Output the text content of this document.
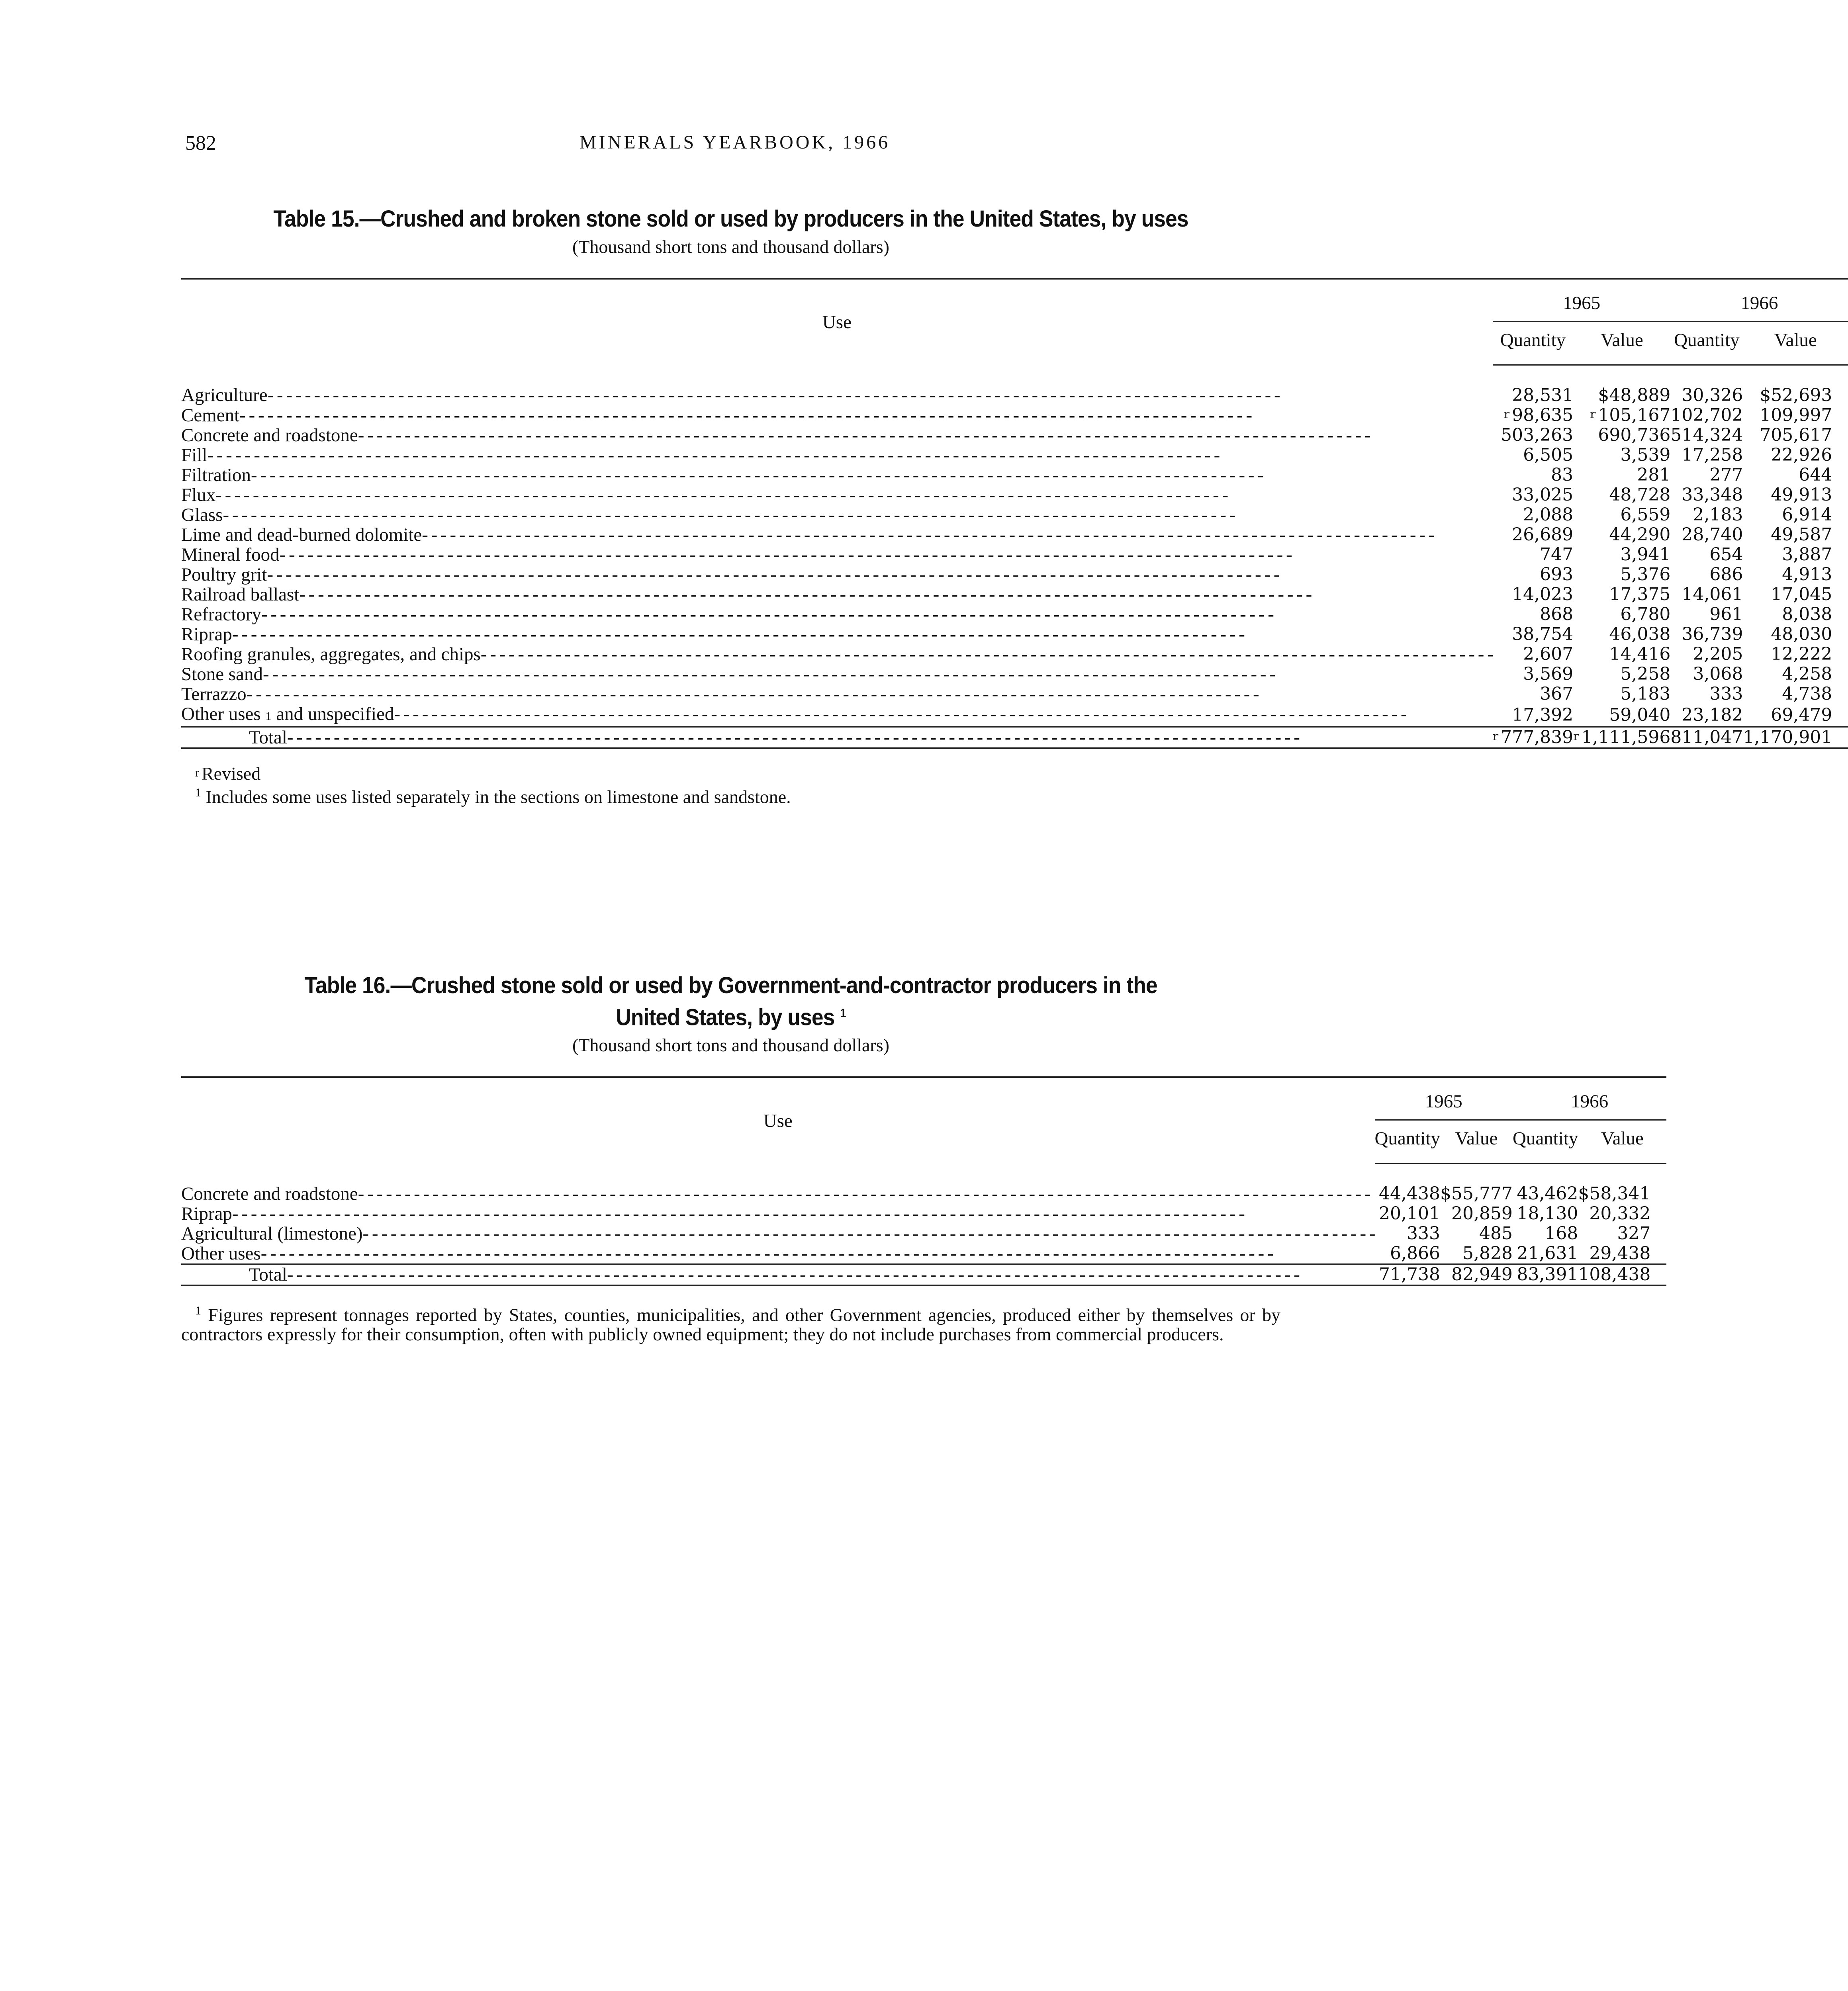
582	MINERALS YEARBOOK, 1966
Table 15.—Crushed and broken stone sold or used by producers in the United States, by uses
(Thousand short tons and thousand dollars)
Use	1965		1966	
	Quantity	Value	Quantity	Value

Agriculture
- - -	28,531	$48,889	30,326	$52,693

Cement
- - -	$^r$ 98,635	$^r$ 105,167	102,702	109,997

Concrete and roadstone
- - -	503,263	690,736	514,324	705,617

Fill
- - -	6,505	3,539	17,258	22,926

Filtration
- - -	83	281	277	644

Flux
- - -	33,025	48,728	33,348	49,913

Glass
- - -	2,088	6,559	2,183	6,914

Lime and dead-burned dolomite
- - -	26,689	44,290	28,740	49,587

Mineral food
- - -	747	3,941	654	3,887

Poultry grit
- - -	693	5,376	686	4,913

Railroad ballast
- - -	14,023	17,375	14,061	17,045

Refractory
- - -	868	6,780	961	8,038

Riprap
- - -	38,754	46,038	36,739	48,030

Roofing granules, aggregates, and chips
- - -	2,607	14,416	2,205	12,222

Stone sand
- - -	3,569	5,258	3,068	4,258

Terrazzo
- - -	367	5,183	333	4,738

Other uses
1
and unspecified
- - -	17,392	59,040	23,182	69,479

Total
- - -	$^r$ 777,839	$^r$ 1,111,596	811,047	1,170,901

$^r$ Revised

$^1$ Includes some uses listed separately in the sections on limestone and sandstone.

Table 16.—Crushed stone sold or used by Government-and-contractor producers in the
United States, by uses $^1$
(Thousand short tons and thousand dollars)
Use	1965		1966	
	Quantity	Value	Quantity	Value

Concrete and roadstone
- - -	44,438	$55,777	43,462	$58,341

Riprap
- - -	20,101	20,859	18,130	20,332

Agricultural (limestone)
- - -	333	485	168	327

Other uses
- - -	6,866	5,828	21,631	29,438

Total
- - -	71,738	82,949	83,391	108,438

$^1$ Figures represent tonnages reported by States, counties, municipalities, and other Government agencies, produced either by themselves or by contractors expressly for their consumption, often with publicly owned equipment; they do not include purchases from commercial producers.
